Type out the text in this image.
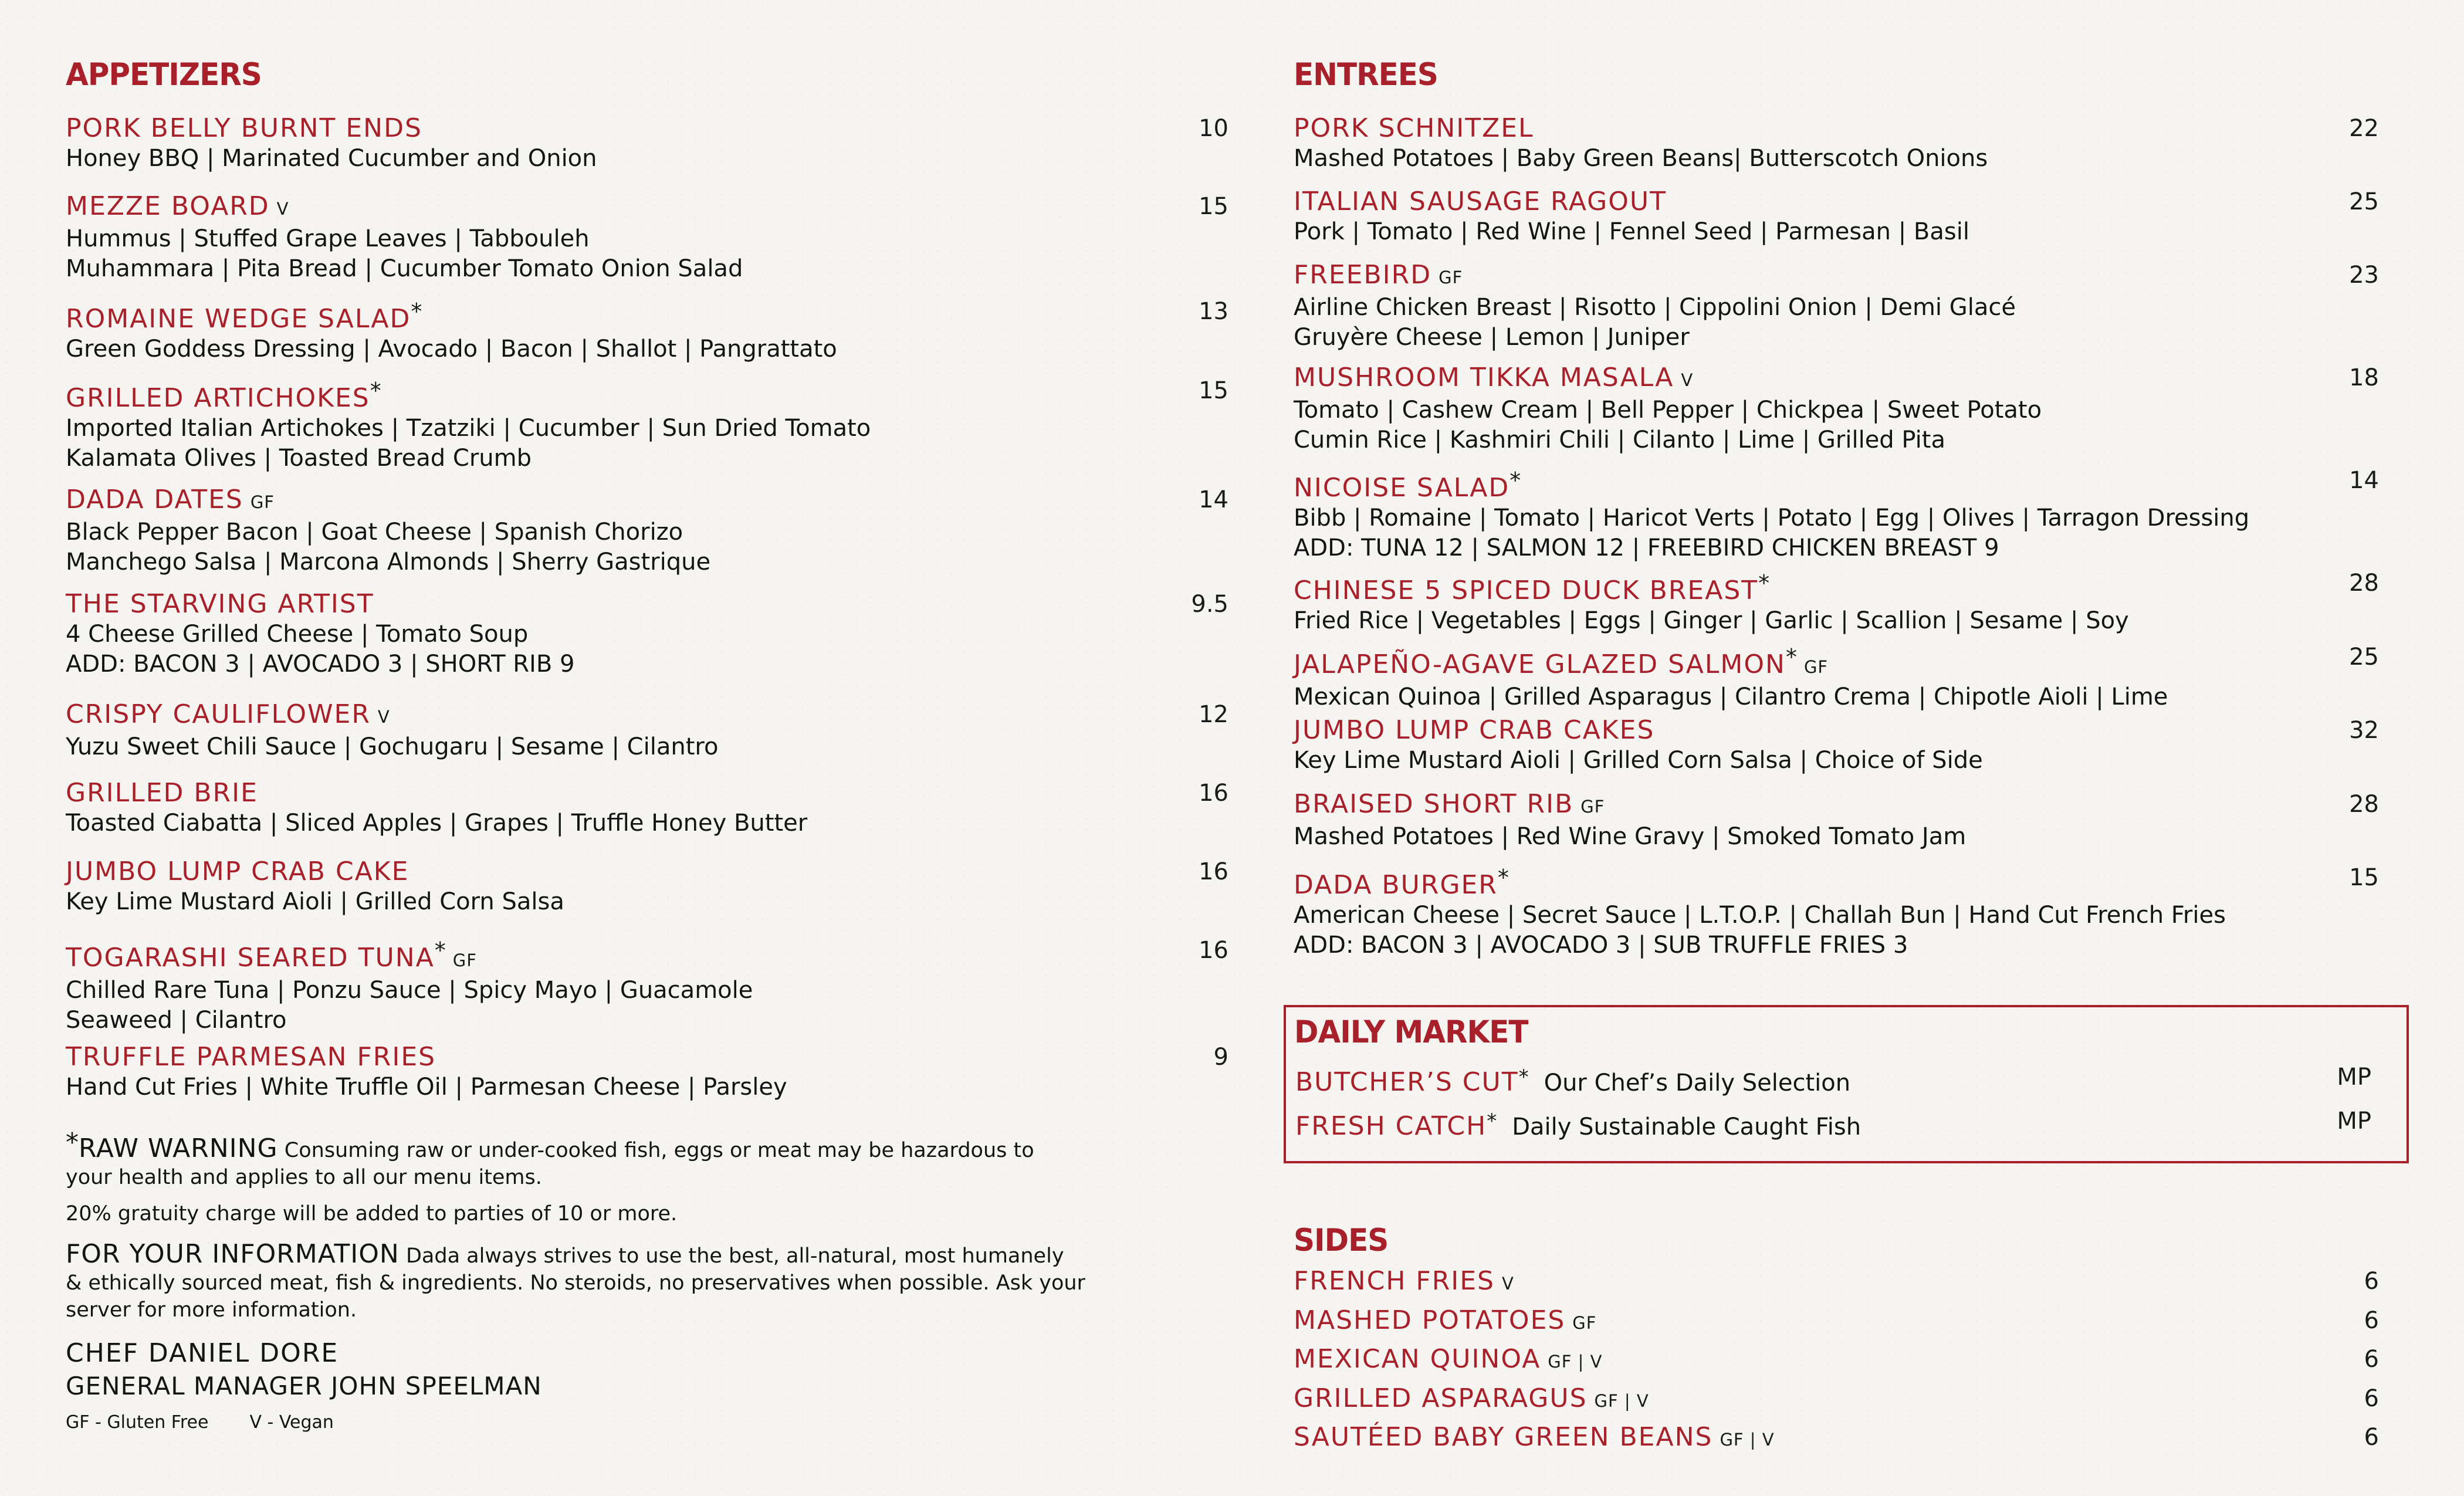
APPETIZERS
PORK BELLY BURNT ENDS	10
Honey BBQ | Marinated Cucumber and Onion
MEZZE BOARD V	15
Hummus | Stuffed Grape Leaves | Tabbouleh
Muhammara | Pita Bread | Cucumber Tomato Onion Salad
ROMAINE WEDGE SALAD*	13
Green Goddess Dressing | Avocado | Bacon | Shallot | Pangrattato
GRILLED ARTICHOKES*	15
Imported Italian Artichokes | Tzatziki | Cucumber | Sun Dried Tomato
Kalamata Olives | Toasted Bread Crumb
DADA DATES GF	14
Black Pepper Bacon | Goat Cheese | Spanish Chorizo
Manchego Salsa | Marcona Almonds | Sherry Gastrique
THE STARVING ARTIST	9.5
4 Cheese Grilled Cheese | Tomato Soup
ADD: BACON 3 | AVOCADO 3 | SHORT RIB 9
CRISPY CAULIFLOWER V	12
Yuzu Sweet Chili Sauce | Gochugaru | Sesame | Cilantro
GRILLED BRIE	16
Toasted Ciabatta | Sliced Apples | Grapes | Truffle Honey Butter
JUMBO LUMP CRAB CAKE	16
Key Lime Mustard Aioli | Grilled Corn Salsa
TOGARASHI SEARED TUNA* GF	16
Chilled Rare Tuna | Ponzu Sauce | Spicy Mayo | Guacamole
Seaweed | Cilantro
TRUFFLE PARMESAN FRIES	9
Hand Cut Fries | White Truffle Oil | Parmesan Cheese | Parsley
*RAW WARNING Consuming raw or under-cooked fish, eggs or meat may be hazardous to
your health and applies to all our menu items.
20% gratuity charge will be added to parties of 10 or more.
FOR YOUR INFORMATION Dada always strives to use the best, all-natural, most humanely
& ethically sourced meat, fish & ingredients. No steroids, no preservatives when possible. Ask your
server for more information.
CHEF DANIEL DORE
GENERAL MANAGER JOHN SPEELMAN
GF - Gluten Free V - Vegan
ENTREES
PORK SCHNITZEL	22
Mashed Potatoes | Baby Green Beans| Butterscotch Onions
ITALIAN SAUSAGE RAGOUT	25
Pork | Tomato | Red Wine | Fennel Seed | Parmesan | Basil
FREEBIRD GF	23
Airline Chicken Breast | Risotto | Cippolini Onion | Demi Glacé
Gruyère Cheese | Lemon | Juniper
MUSHROOM TIKKA MASALA V	18
Tomato | Cashew Cream | Bell Pepper | Chickpea | Sweet Potato
Cumin Rice | Kashmiri Chili | Cilanto | Lime | Grilled Pita
NICOISE SALAD*	14
Bibb | Romaine | Tomato | Haricot Verts | Potato | Egg | Olives | Tarragon Dressing
ADD: TUNA 12 | SALMON 12 | FREEBIRD CHICKEN BREAST 9
CHINESE 5 SPICED DUCK BREAST*	28
Fried Rice | Vegetables | Eggs | Ginger | Garlic | Scallion | Sesame | Soy
JALAPEÑO-AGAVE GLAZED SALMON* GF	25
Mexican Quinoa | Grilled Asparagus | Cilantro Crema | Chipotle Aioli | Lime
JUMBO LUMP CRAB CAKES	32
Key Lime Mustard Aioli | Grilled Corn Salsa | Choice of Side
BRAISED SHORT RIB GF	28
Mashed Potatoes | Red Wine Gravy | Smoked Tomato Jam
DADA BURGER*	15
American Cheese | Secret Sauce | L.T.O.P. | Challah Bun | Hand Cut French Fries
ADD: BACON 3 | AVOCADO 3 | SUB TRUFFLE FRIES 3
SIDES
FRENCH FRIES V	6
MASHED POTATOES GF	6
MEXICAN QUINOA GF | V	6
GRILLED ASPARAGUS GF | V	6
SAUTÉED BABY GREEN BEANS GF | V	6
DAILY MARKET
BUTCHER’S CUT* Our Chef’s Daily Selection	MP
FRESH CATCH* Daily Sustainable Caught Fish	MP
